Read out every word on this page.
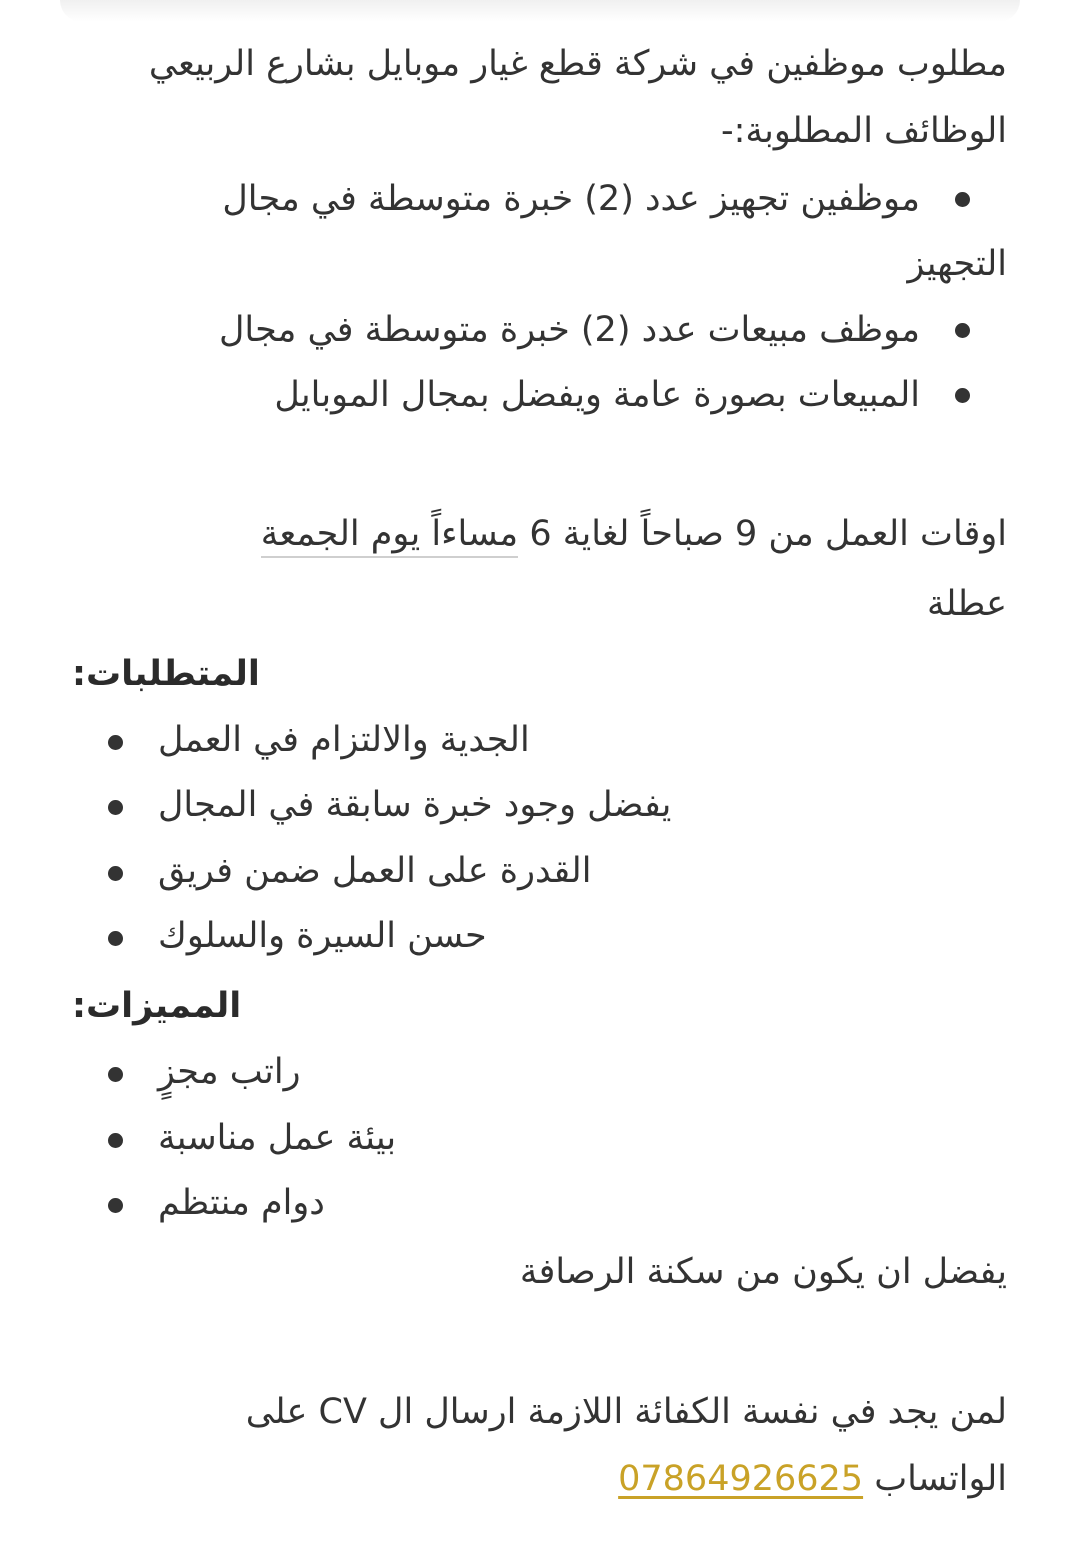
مطلوب موظفين في شركة قطع غيار موبايل بشارع الربيعي
الوظائف المطلوبة:-
موظفين تجهيز عدد (2) خبرة متوسطة في مجال
التجهيز
موظف مبيعات عدد (2) خبرة متوسطة في مجال
المبيعات بصورة عامة ويفضل بمجال الموبايل
اوقات العمل من 9 صباحاً لغاية 6 مساءاً يوم الجمعة
عطلة
المتطلبات:
الجدية والالتزام في العمل
يفضل وجود خبرة سابقة في المجال
القدرة على العمل ضمن فريق
حسن السيرة والسلوك
المميزات:
راتب مجزٍ
بيئة عمل مناسبة
دوام منتظم
يفضل ان يكون من سكنة الرصافة
لمن يجد في نفسة الكفائة اللازمة ارسال ال CV على
الواتساب 07864926625
